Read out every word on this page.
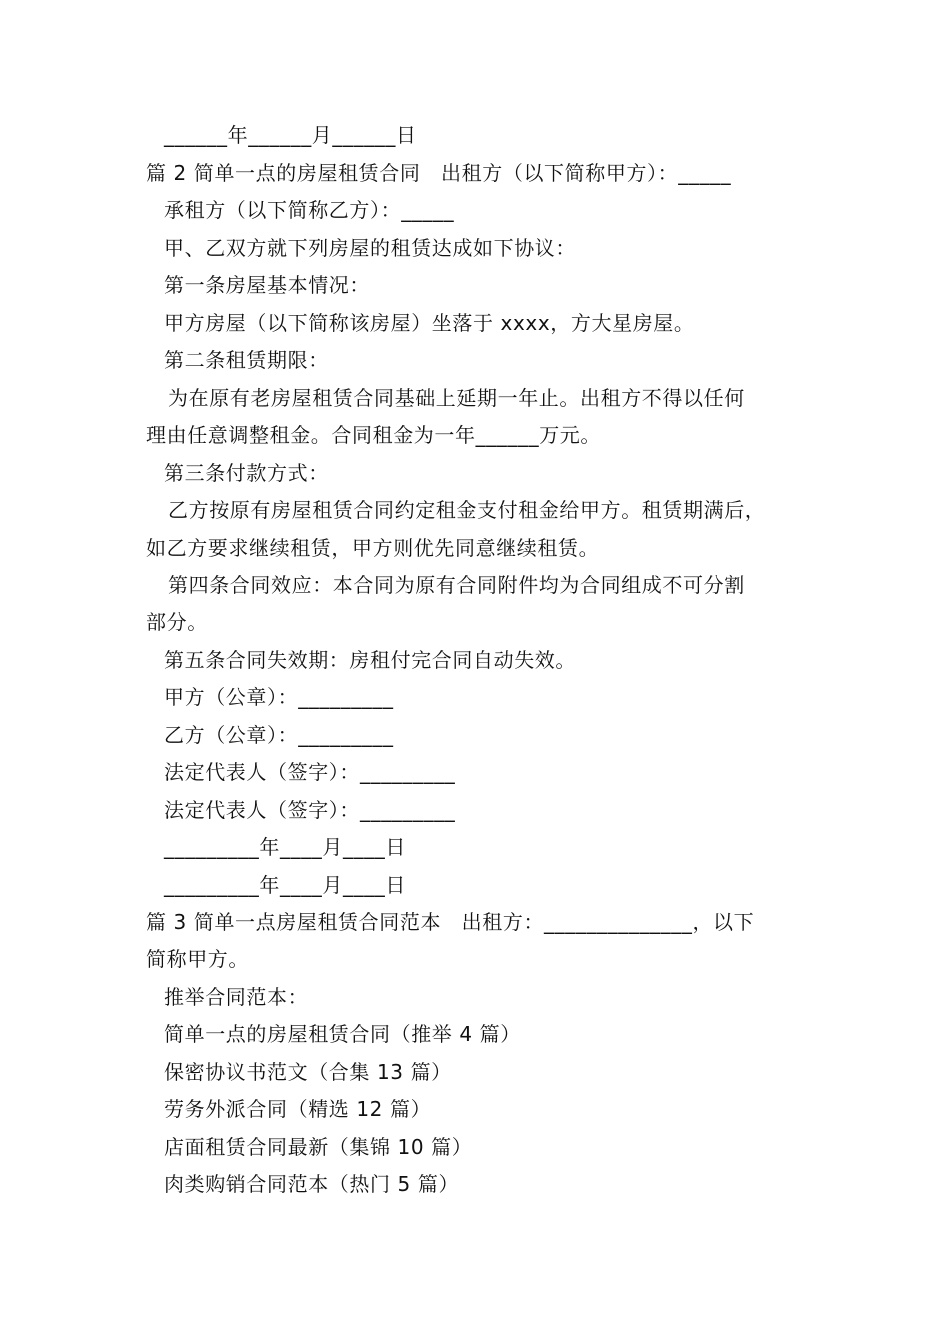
______年______月______日
篇 2 简单一点的房屋租赁合同　出租方（以下简称甲方）：_____
承租方（以下简称乙方）：_____
甲、乙双方就下列房屋的租赁达成如下协议：
第一条房屋基本情况：
甲方房屋（以下简称该房屋）坐落于 xxxx，方大星房屋。
第二条租赁期限：
为在原有老房屋租赁合同基础上延期一年止。出租方不得以任何
理由任意调整租金。合同租金为一年______万元。
第三条付款方式：
乙方按原有房屋租赁合同约定租金支付租金给甲方。租赁期满后，
如乙方要求继续租赁，甲方则优先同意继续租赁。
第四条合同效应：本合同为原有合同附件均为合同组成不可分割
部分。
第五条合同失效期：房租付完合同自动失效。
甲方（公章）：_________
乙方（公章）：_________
法定代表人（签字）：_________
法定代表人（签字）：_________
_________年____月____日
_________年____月____日
篇 3 简单一点房屋租赁合同范本　出租方：______________，以下
简称甲方。
推举合同范本：
简单一点的房屋租赁合同（推举 4 篇）
保密协议书范文（合集 13 篇）
劳务外派合同（精选 12 篇）
店面租赁合同最新（集锦 10 篇）
肉类购销合同范本（热门 5 篇）
